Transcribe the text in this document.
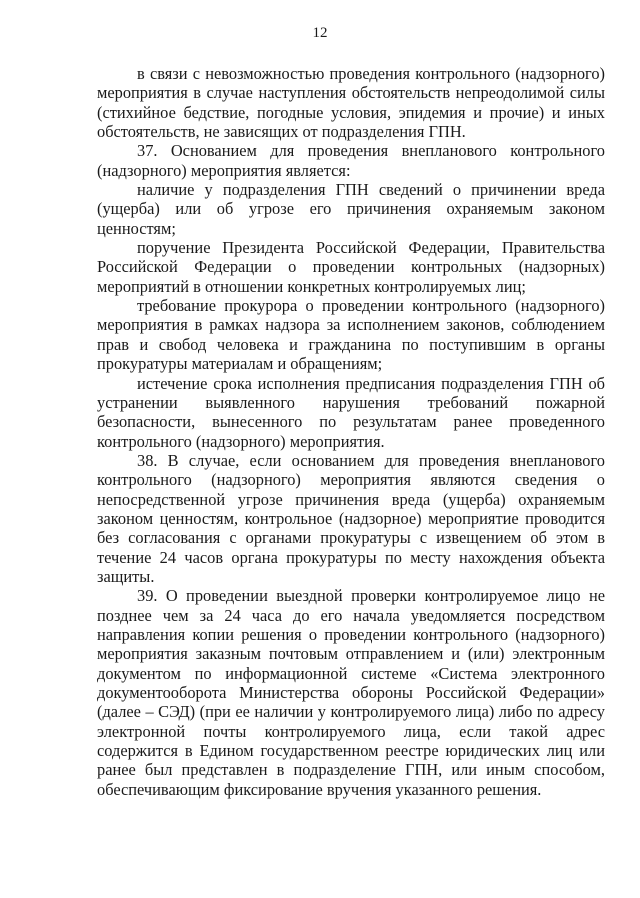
12

в связи с невозможностью проведения контрольного (надзорного) мероприятия в случае наступления обстоятельств непреодолимой силы (стихийное бедствие, погодные условия, эпидемия и прочие) и иных обстоятельств, не зависящих от подразделения ГПН.

37. Основанием для проведения внепланового контрольного (надзорного) мероприятия является:

наличие у подразделения ГПН сведений о причинении вреда (ущерба) или об угрозе его причинения охраняемым законом ценностям;

поручение Президента Российской Федерации, Правительства Российской Федерации о проведении контрольных (надзорных) мероприятий в отношении конкретных контролируемых лиц;

требование прокурора о проведении контрольного (надзорного) мероприятия в рамках надзора за исполнением законов, соблюдением прав и свобод человека и гражданина по поступившим в органы прокуратуры материалам и обращениям;

истечение срока исполнения предписания подразделения ГПН об устранении выявленного нарушения требований пожарной безопасности, вынесенного по результатам ранее проведенного контрольного (надзорного) мероприятия.

38. В случае, если основанием для проведения внепланового контрольного (надзорного) мероприятия являются сведения о непосредственной угрозе причинения вреда (ущерба) охраняемым законом ценностям, контрольное (надзорное) мероприятие проводится без согласования с органами прокуратуры с извещением об этом в течение 24 часов органа прокуратуры по месту нахождения объекта защиты.

39. О проведении выездной проверки контролируемое лицо не позднее чем за 24 часа до его начала уведомляется посредством направления копии решения о проведении контрольного (надзорного) мероприятия заказным почтовым отправлением и (или) электронным документом по информационной системе «Система электронного документооборота Министерства обороны Российской Федерации» (далее – СЭД) (при ее наличии у контролируемого лица) либо по адресу электронной почты контролируемого лица, если такой адрес содержится в Едином государственном реестре юридических лиц или ранее был представлен в подразделение ГПН, или иным способом, обеспечивающим фиксирование вручения указанного решения.
